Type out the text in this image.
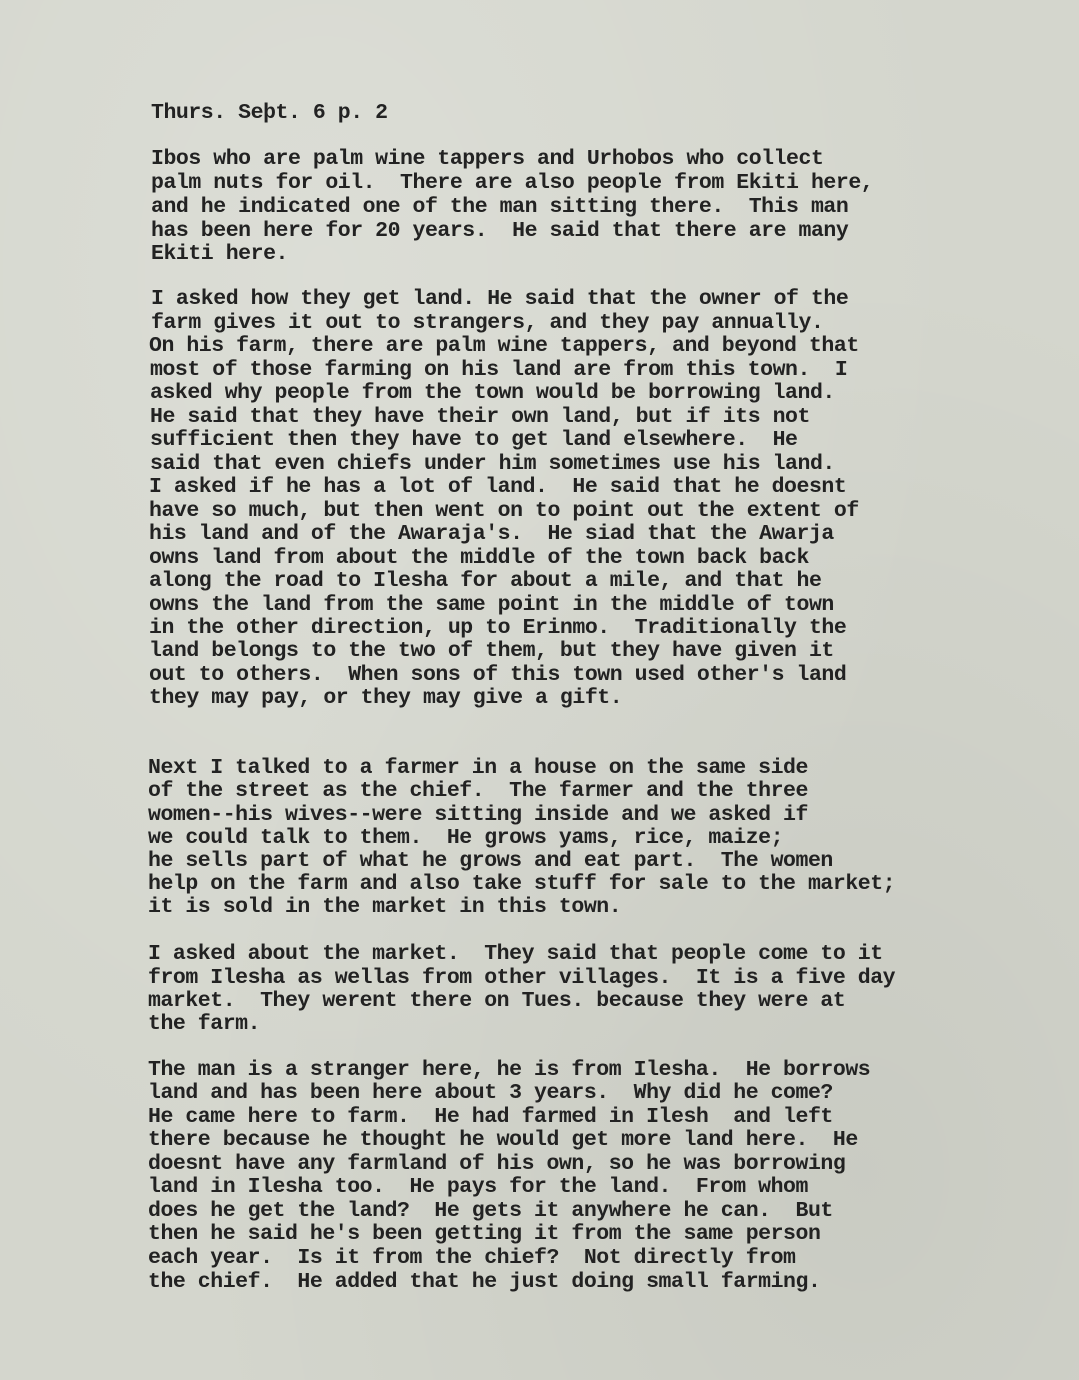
Thurs. Seþt. 6 p. 2
Ibos who are palm wine tappers and Urhobos who collect
palm nuts for oil.  There are also people from Ekiti here,
and he indicated one of the man sitting there.  This man
has been here for 20 years.  He said that there are many
Ekiti here.
I asked how they get land. He said that the owner of the
farm gives it out to strangers, and they pay annually.
On his farm, there are palm wine tappers, and beyond that
most of those farming on his land are from this town.  I
asked why people from the town would be borrowing land.
He said that they have their own land, but if its not
sufficient then they have to get land elsewhere.  He
said that even chiefs under him sometimes use his land.
I asked if he has a lot of land.  He said that he doesnt
have so much, but then went on to point out the extent of
his land and of the Awaraja's.  He siad that the Awarja
owns land from about the middle of the town back back
along the road to Ilesha for about a mile, and that he
owns the land from the same point in the middle of town
in the other direction, up to Erinmo.  Traditionally the
land belongs to the two of them, but they have given it
out to others.  When sons of this town used other's land
they may pay, or they may give a gift.
Next I talked to a farmer in a house on the same side
of the street as the chief.  The farmer and the three
women--his wives--were sitting inside and we asked if
we could talk to them.  He grows yams, rice, maize;
he sells part of what he grows and eat part.  The women
help on the farm and also take stuff for sale to the market;
it is sold in the market in this town.
I asked about the market.  They said that people come to it
from Ilesha as wellas from other villages.  It is a five day
market.  They werent there on Tues. because they were at
the farm.
The man is a stranger here, he is from Ilesha.  He borrows
land and has been here about 3 years.  Why did he come?
He came here to farm.  He had farmed in Ilesh  and left
there because he thought he would get more land here.  He
doesnt have any farmland of his own, so he was borrowing
land in Ilesha too.  He pays for the land.  From whom
does he get the land?  He gets it anywhere he can.  But
then he said he's been getting it from the same person
each year.  Is it from the chief?  Not directly from
the chief.  He added that he just doing small farming.
